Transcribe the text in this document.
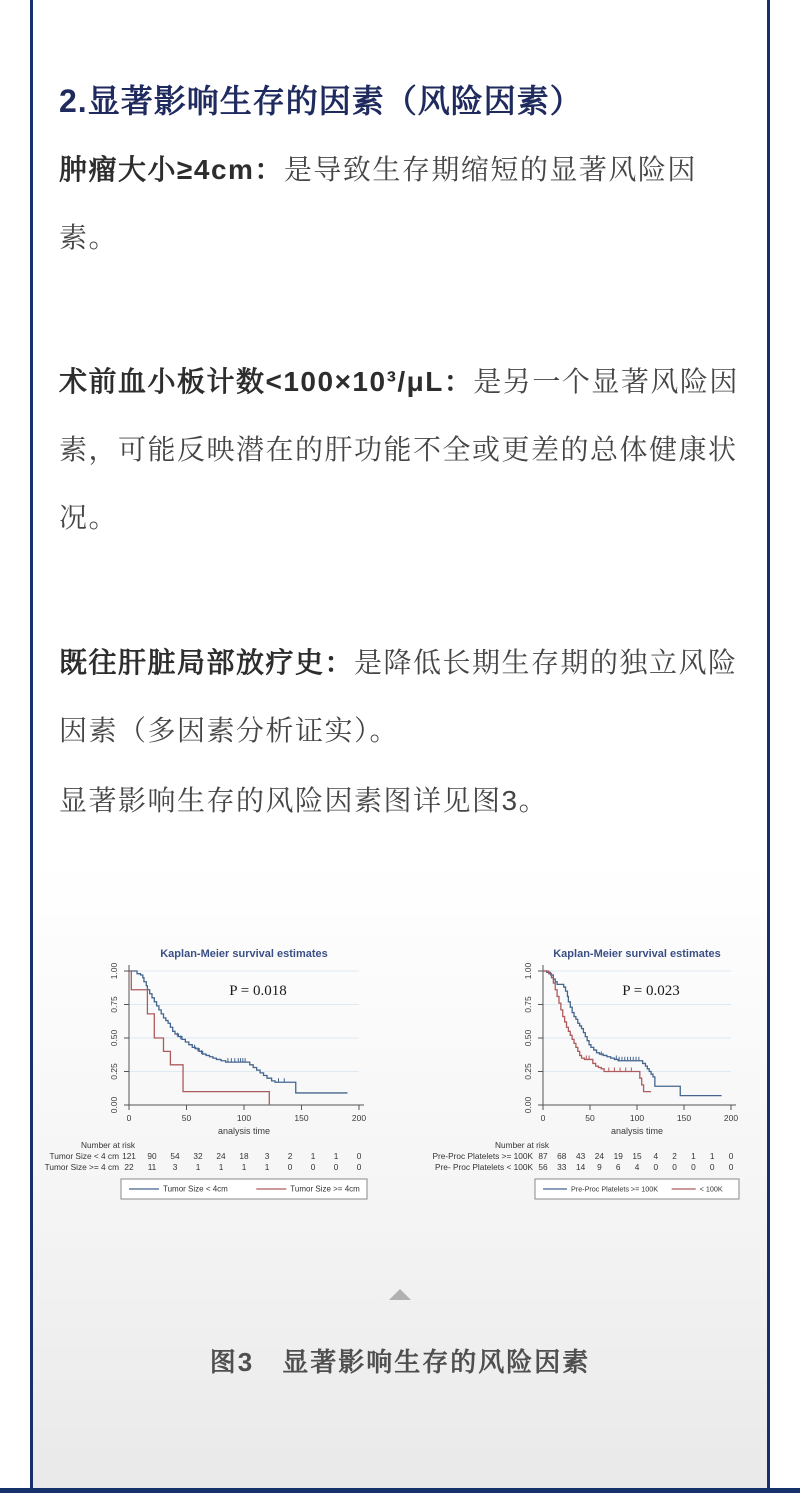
2.显著影响生存的因素（风险因素）

肿瘤大小≥4cm：是导致生存期缩短的显著风险因素。

术前血小板计数<100×10³/μL：是另一个显著风险因素，可能反映潜在的肝功能不全或更差的总体健康状况。

既往肝脏局部放疗史：是降低长期生存期的独立风险因素（多因素分析证实）。

显著影响生存的风险因素图详见图3。

Kaplan-Meier survival estimates
0.00
0.25
0.50
0.75
1.00
0	50	100	150	200
analysis time
P = 0.018
Number at risk
Tumor Size < 4 cm 121 90 54 32 24 18 3 2 1 1 0
Tumor Size >= 4 cm 22 11 3 1 1 1 1 0 0 0 0
Tumor Size < 4cm	Tumor Size >= 4cm
Kaplan-Meier survival estimates
0.00
0.25
0.50
0.75
1.00
0	50	100	150	200
analysis time
P = 0.023
Number at risk
Pre-Proc Platelets >= 100K 87 68 43 24 19 15 4 2 1 1 0
Pre- Proc Platelets < 100K 56 33 14 9 6 4 0 0 0 0 0
Pre-Proc Platelets >= 100K	< 100K
图3　显著影响生存的风险因素
